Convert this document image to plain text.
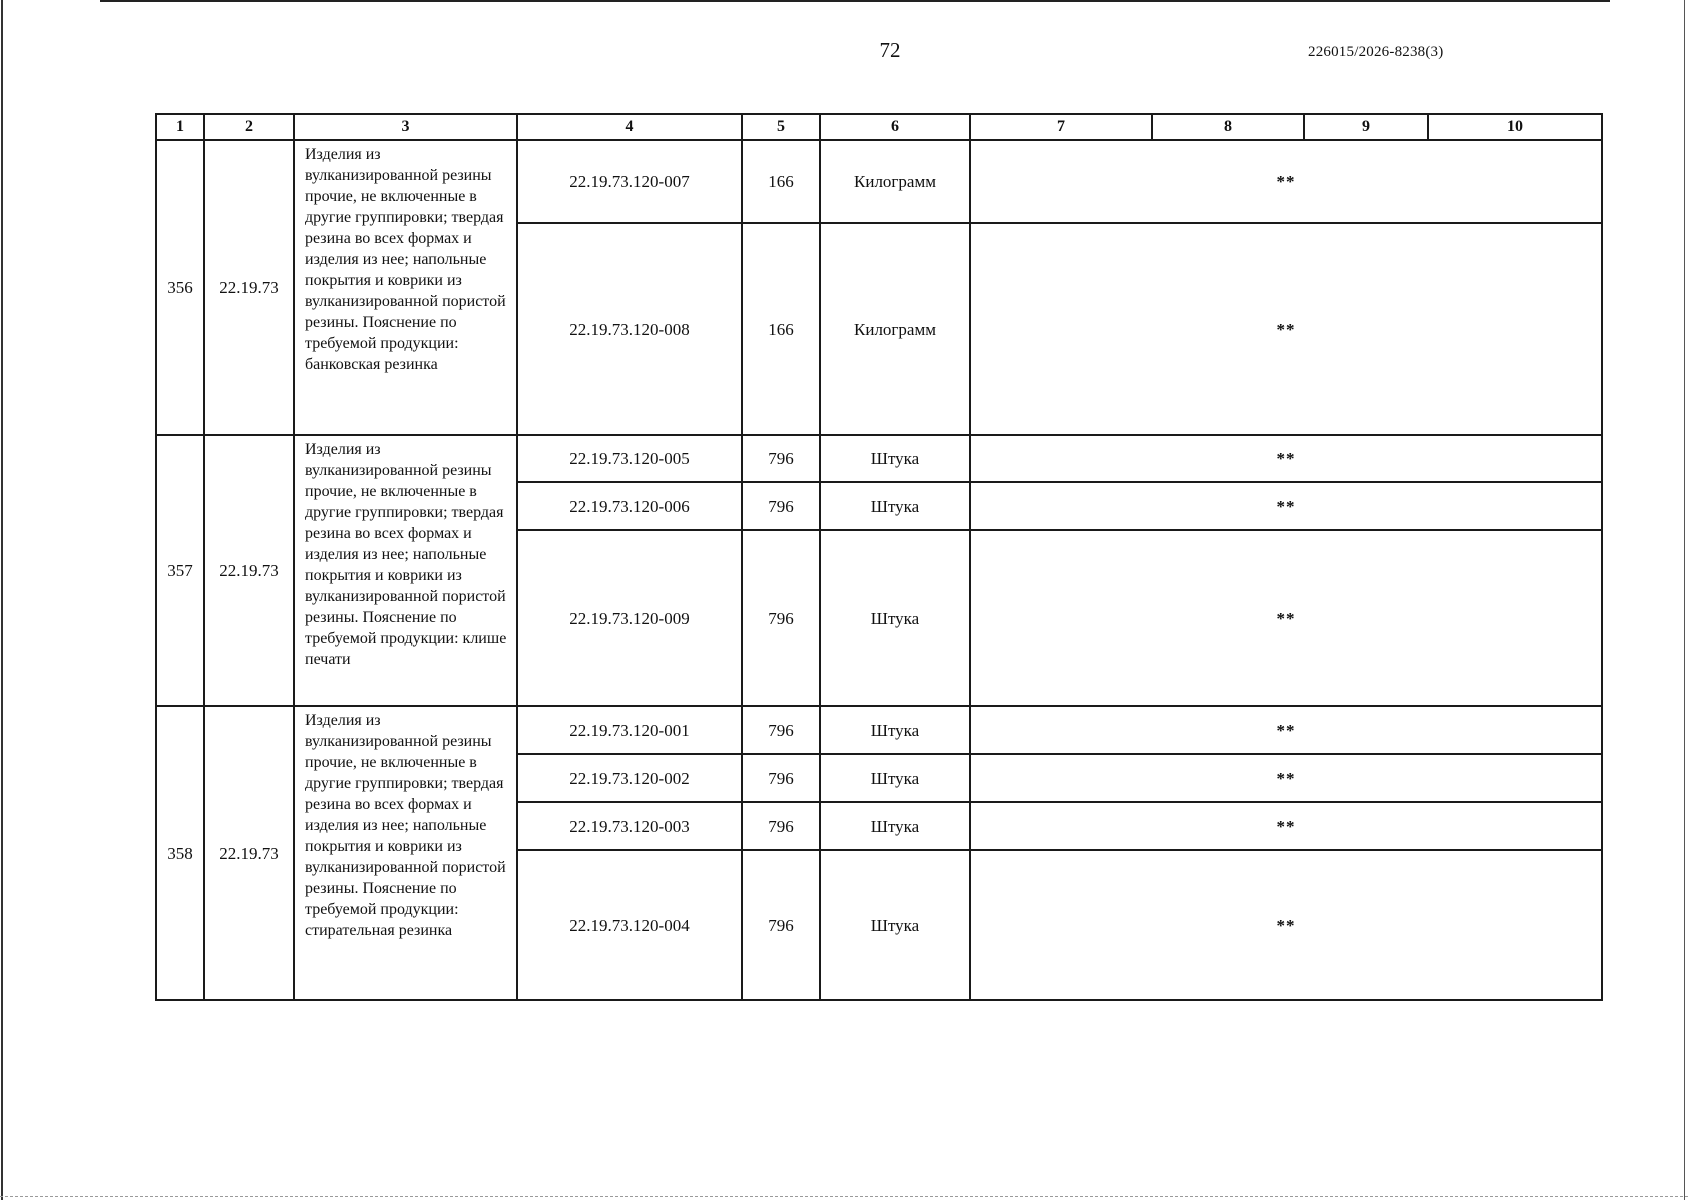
72	226015/2026-8238(3)
1	2	3	4	5	6	7	8	9	10
356	22.19.73	Изделия из вулканизированной резины прочие, не включенные в другие группировки; твердая резина во всех формах и изделия из нее; напольные покрытия и коврики из вулканизированной пористой резины. Пояснение по требуемой продукции: банковская резинка	22.19.73.120-007	166	Килограмм	**			
			22.19.73.120-008	166	Килограмм	**			
357	22.19.73	Изделия из вулканизированной резины прочие, не включенные в другие группировки; твердая резина во всех формах и изделия из нее; напольные покрытия и коврики из вулканизированной пористой резины. Пояснение по требуемой продукции: клише печати	22.19.73.120-005	796	Штука	**			
			22.19.73.120-006	796	Штука	**			
			22.19.73.120-009	796	Штука	**			
358	22.19.73	Изделия из вулканизированной резины прочие, не включенные в другие группировки; твердая резина во всех формах и изделия из нее; напольные покрытия и коврики из вулканизированной пористой резины. Пояснение по требуемой продукции: стирательная резинка	22.19.73.120-001	796	Штука	**			
			22.19.73.120-002	796	Штука	**			
			22.19.73.120-003	796	Штука	**			
			22.19.73.120-004	796	Штука	**			
